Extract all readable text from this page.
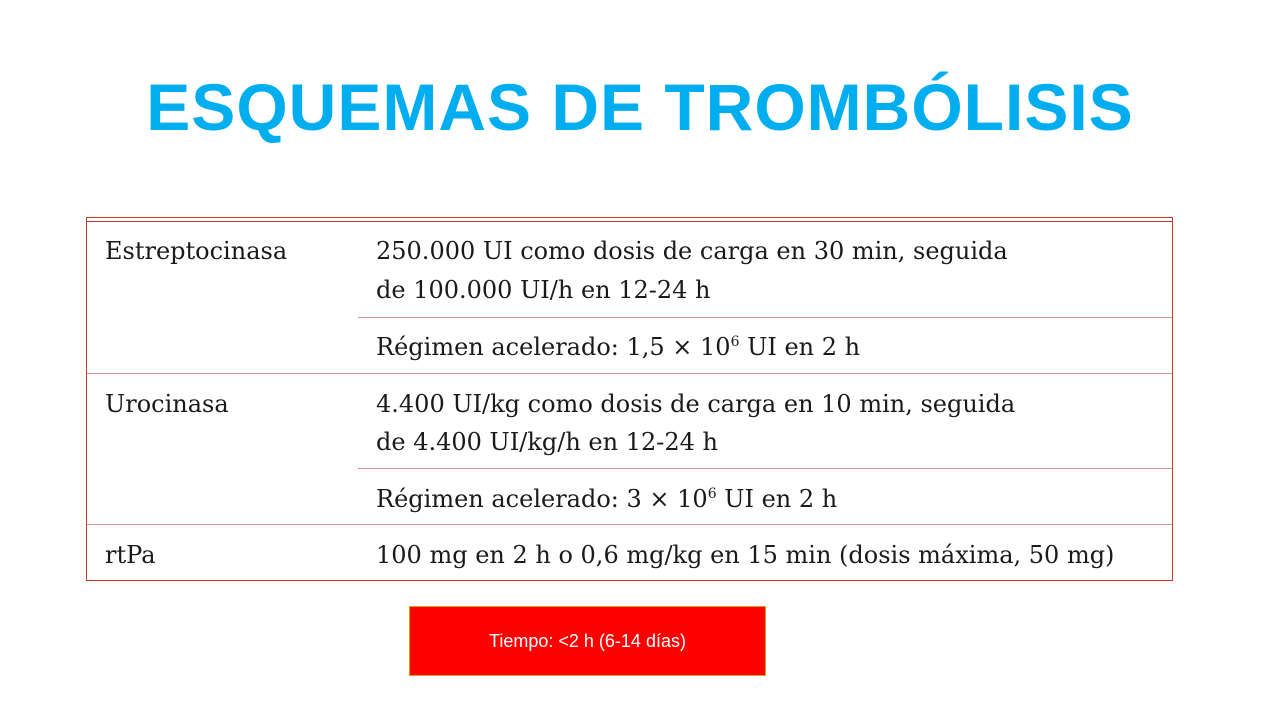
ESQUEMAS DE TROMBÓLISIS
Estreptocinasa	250.000 UI como dosis de carga en 30 min, seguida
de 100.000 UI/h en 12-24 h
Régimen acelerado: $1,5 \times 10^6$ UI en 2 h
Urocinasa	4.400 UI/kg como dosis de carga en 10 min, seguida
de 4.400 UI/kg/h en 12-24 h
Régimen acelerado: $3 \times 10^6$ UI en 2 h
rtPa	100 mg en 2 h o 0,6 mg/kg en 15 min (dosis máxima, 50 mg)
Tiempo: <2 h (6-14 días)
